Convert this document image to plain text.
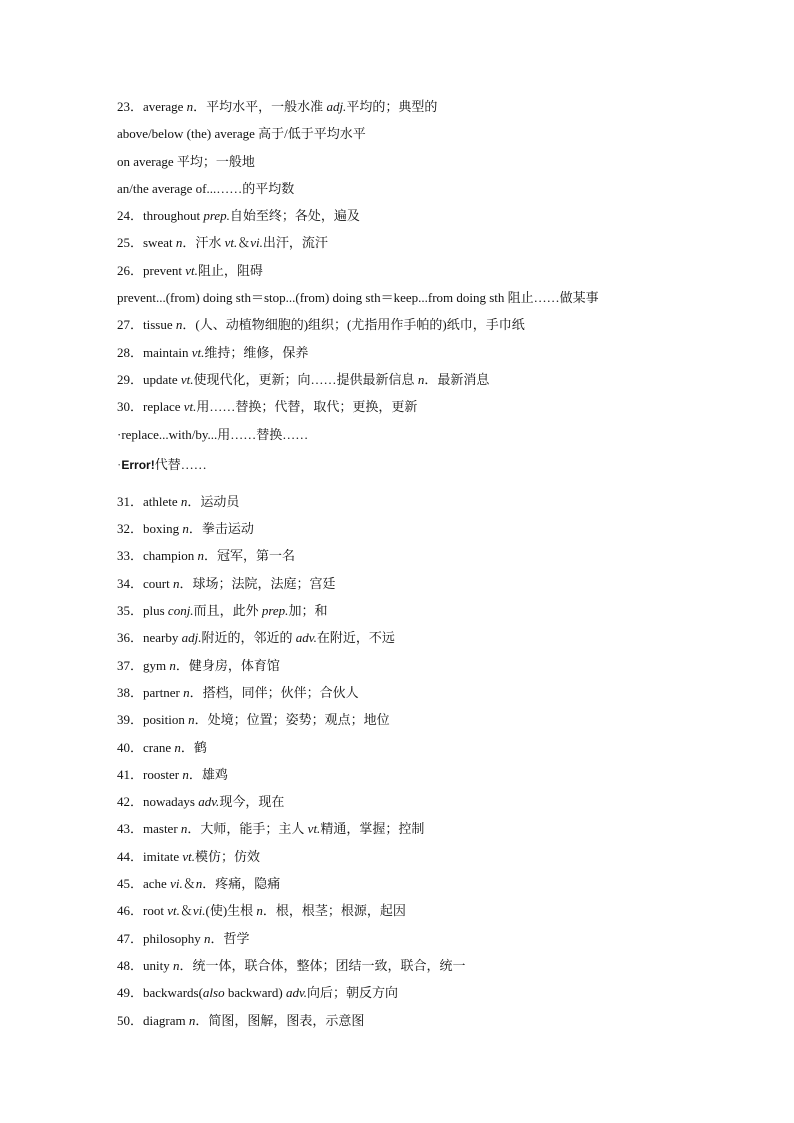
23．average n．平均水平，一般水准 adj.平均的；典型的
above/below (the) average 高于/低于平均水平
on average 平均；一般地
an/the average of...……的平均数
24．throughout prep.自始至终；各处，遍及
25．sweat n．汗水 vt.＆vi.出汗，流汗
26．prevent vt.阻止，阻碍
prevent...(from) doing sth＝stop...(from) doing sth＝keep...from doing sth 阻止……做某事
27．tissue n．(人、动植物细胞的)组织；(尤指用作手帕的)纸巾，手巾纸
28．maintain vt.维持；维修，保养
29．update vt.使现代化，更新；向……提供最新信息 n．最新消息
30．replace vt.用……替换；代替，取代；更换，更新
·replace...with/by...用……替换……
·Error!代替……
31．athlete n．运动员
32．boxing n．拳击运动
33．champion n．冠军，第一名
34．court n．球场；法院，法庭；宫廷
35．plus conj.而且，此外 prep.加；和
36．nearby adj.附近的，邻近的 adv.在附近，不远
37．gym n．健身房，体育馆
38．partner n．搭档，同伴；伙伴；合伙人
39．position n．处境；位置；姿势；观点；地位
40．crane n．鹤
41．rooster n．雄鸡
42．nowadays adv.现今，现在
43．master n．大师，能手；主人 vt.精通，掌握；控制
44．imitate vt.模仿；仿效
45．ache vi.＆n．疼痛，隐痛
46．root vt.＆vi.(使)生根 n．根，根茎；根源，起因
47．philosophy n．哲学
48．unity n．统一体，联合体，整体；团结一致，联合，统一
49．backwards(also backward) adv.向后；朝反方向
50．diagram n．简图，图解，图表，示意图
